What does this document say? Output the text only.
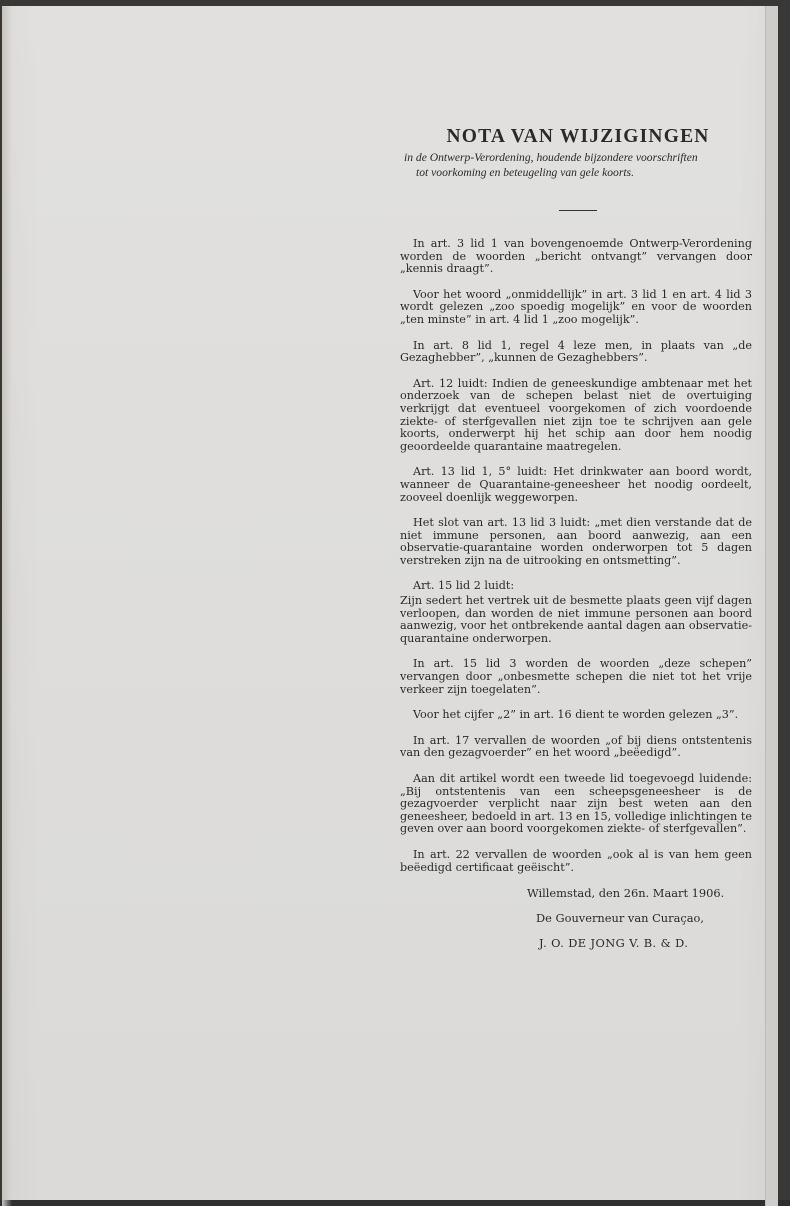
NOTA VAN WIJZIGINGEN
in de Ontwerp-Verordening, houdende bijzondere voorschriften
tot voorkoming en beteugeling van gele koorts.

In art. 3 lid 1 van bovengenoemde Ontwerp-Verordening worden de woorden „bericht ontvangt” vervangen door „kennis draagt”.

Voor het woord „onmiddellijk” in art. 3 lid 1 en art. 4 lid 3 wordt gelezen „zoo spoedig mogelijk” en voor de woorden „ten minste” in art. 4 lid 1 „zoo mogelijk”.

In art. 8 lid 1, regel 4 leze men, in plaats van „de Gezaghebber”, „kunnen de Gezaghebbers”.

Art. 12 luidt: Indien de geneeskundige ambtenaar met het onderzoek van de schepen belast niet de overtuiging verkrijgt dat eventueel voorgekomen of zich voordoende ziekte- of sterfgevallen niet zijn toe te schrijven aan gele koorts, onderwerpt hij het schip aan door hem noodig geoordeelde quarantaine maatregelen.

Art. 13 lid 1, 5° luidt: Het drinkwater aan boord wordt, wanneer de Quarantaine-geneesheer het noodig oordeelt, zooveel doenlijk weggeworpen.

Het slot van art. 13 lid 3 luidt: „met dien verstande dat de niet immune personen, aan boord aanwezig, aan een observatie-quarantaine worden onderworpen tot 5 dagen verstreken zijn na de uitrooking en ontsmetting”.

Art. 15 lid 2 luidt:

Zijn sedert het vertrek uit de besmette plaats geen vijf dagen verloopen, dan worden de niet immune personen aan boord aanwezig, voor het ontbrekende aantal dagen aan observatie-quarantaine onderworpen.

In art. 15 lid 3 worden de woorden „deze schepen” vervangen door „onbesmette schepen die niet tot het vrije verkeer zijn toegelaten”.

Voor het cijfer „2” in art. 16 dient te worden gelezen „3”.

In art. 17 vervallen de woorden „of bij diens ontstentenis van den gezagvoerder” en het woord „beëedigd”.

Aan dit artikel wordt een tweede lid toegevoegd luidende: „Bij ontstentenis van een scheepsgeneesheer is de gezagvoerder verplicht naar zijn best weten aan den geneesheer, bedoeld in art. 13 en 15, volledige inlichtingen te geven over aan boord voorgekomen ziekte- of sterfgevallen”.

In art. 22 vervallen de woorden „ook al is van hem geen beëedigd certificaat geëischt”.

Willemstad, den 26n. Maart 1906.
De Gouverneur van Curaçao,
J. O. DE JONG V. B. & D.
